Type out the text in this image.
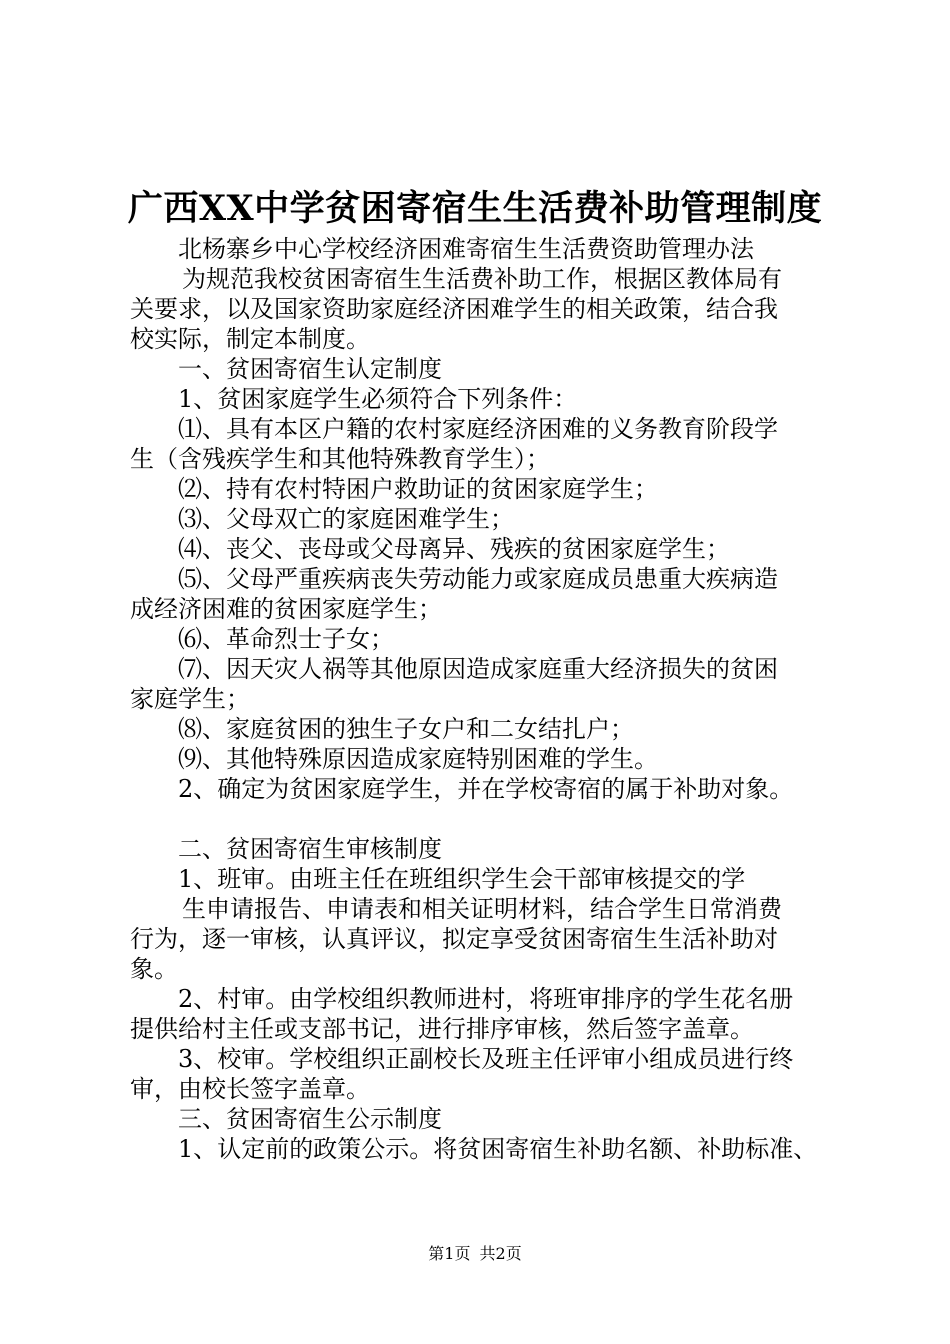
广西XX中学贫困寄宿生生活费补助管理制度
北杨寨乡中心学校经济困难寄宿生生活费资助管理办法
为规范我校贫困寄宿生生活费补助工作，根据区教体局有
关要求，以及国家资助家庭经济困难学生的相关政策，结合我
校实际，制定本制度。
一、贫困寄宿生认定制度
1、贫困家庭学生必须符合下列条件：
⑴、具有本区户籍的农村家庭经济困难的义务教育阶段学
生（含残疾学生和其他特殊教育学生）；
⑵、持有农村特困户救助证的贫困家庭学生；
⑶、父母双亡的家庭困难学生；
⑷、丧父、丧母或父母离异、残疾的贫困家庭学生；
⑸、父母严重疾病丧失劳动能力或家庭成员患重大疾病造
成经济困难的贫困家庭学生；
⑹、革命烈士子女；
⑺、因天灾人祸等其他原因造成家庭重大经济损失的贫困
家庭学生；
⑻、家庭贫困的独生子女户和二女结扎户；
⑼、其他特殊原因造成家庭特别困难的学生。
2、确定为贫困家庭学生，并在学校寄宿的属于补助对象。
二、贫困寄宿生审核制度
1、班审。由班主任在班组织学生会干部审核提交的学
生申请报告、申请表和相关证明材料，结合学生日常消费
行为，逐一审核，认真评议，拟定享受贫困寄宿生生活补助对
象。
2、村审。由学校组织教师进村，将班审排序的学生花名册
提供给村主任或支部书记，进行排序审核，然后签字盖章。
3、校审。学校组织正副校长及班主任评审小组成员进行终
审，由校长签字盖章。
三、贫困寄宿生公示制度
1、认定前的政策公示。将贫困寄宿生补助名额、补助标准、
第1页 共2页
